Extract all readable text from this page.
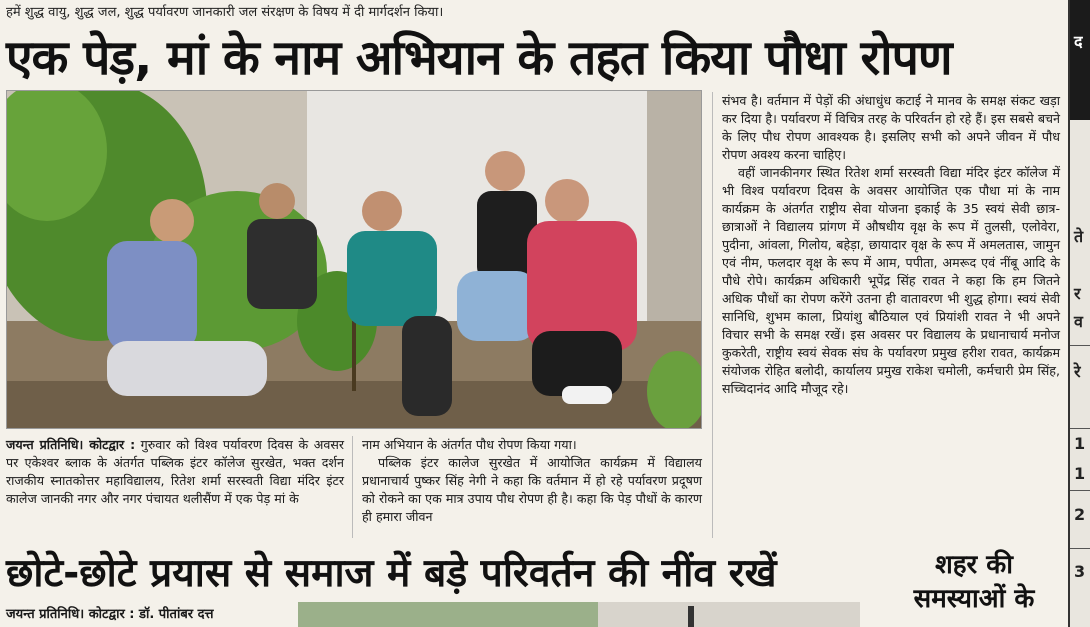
हमें शुद्ध वायु, शुद्ध जल, शुद्ध पर्यावरण जानकारी जल संरक्षण के विषय में दी मार्गदर्शन किया।
एक पेड़, मां के नाम अभियान के तहत किया पौधा रोपण

जयन्त प्रतिनिधि। कोटद्वार : गुरुवार को विश्व पर्यावरण दिवस के अवसर पर एकेश्वर ब्लाक के अंतर्गत पब्लिक इंटर कॉलेज सुरखेत, भक्त दर्शन राजकीय स्नातकोत्तर महाविद्यालय, रितेश शर्मा सरस्वती विद्या मंदिर इंटर कालेज जानकी नगर और नगर पंचायत थलीसैंण में एक पेड़ मां के

नाम अभियान के अंतर्गत पौध रोपण किया गया।

पब्लिक इंटर कालेज सुरखेत में आयोजित कार्यक्रम में विद्यालय प्रधानाचार्य पुष्कर सिंह नेगी ने कहा कि वर्तमान में हो रहे पर्यावरण प्रदूषण को रोकने का एक मात्र उपाय पौध रोपण ही है। कहा कि पेड़ पौधों के कारण ही हमारा जीवन

संभव है। वर्तमान में पेड़ों की अंधाधुंध कटाई ने मानव के समक्ष संकट खड़ा कर दिया है। पर्यावरण में विचित्र तरह के परिवर्तन हो रहे हैं। इस सबसे बचने के लिए पौध रोपण आवश्यक है। इसलिए सभी को अपने जीवन में पौध रोपण अवश्य करना चाहिए।

वहीं जानकीनगर स्थित रितेश शर्मा सरस्वती विद्या मंदिर इंटर कॉलेज में भी विश्व पर्यावरण दिवस के अवसर आयोजित एक पौधा मां के नाम कार्यक्रम के अंतर्गत राष्ट्रीय सेवा योजना इकाई के 35 स्वयं सेवी छात्र-छात्राओं ने विद्यालय प्रांगण में औषधीय वृक्ष के रूप में तुलसी, एलोवेरा, पुदीना, आंवला, गिलोय, बहेड़ा, छायादार वृक्ष के रूप में अमलतास, जामुन एवं नीम, फलदार वृक्ष के रूप में आम, पपीता, अमरूद एवं नींबू आदि के पौधे रोपे। कार्यक्रम अधिकारी भूपेंद्र सिंह रावत ने कहा कि हम जितने अधिक पौधों का रोपण करेंगे उतना ही वातावरण भी शुद्ध होगा। स्वयं सेवी सानिधि, शुभम काला, प्रियांशु बौठियाल एवं प्रियांशी रावत ने भी अपने विचार सभी के समक्ष रखें। इस अवसर पर विद्यालय के प्रधानाचार्य मनोज कुकरेती, राष्ट्रीय स्वयं सेवक संघ के पर्यावरण प्रमुख हरीश रावत, कार्यक्रम संयोजक रोहित बलोदी, कार्यालय प्रमुख राकेश चमोली, कर्मचारी प्रेम सिंह, सच्चिदानंद आदि मौजूद रहे।

छोटे-छोटे प्रयास से समाज में बड़े परिवर्तन की नींव रखें
जयन्त प्रतिनिधि। कोटद्वार : डॉ. पीतांबर दत्त
शहर की समस्याओं के
द
ते
र
व
रे
1
1
2
3
